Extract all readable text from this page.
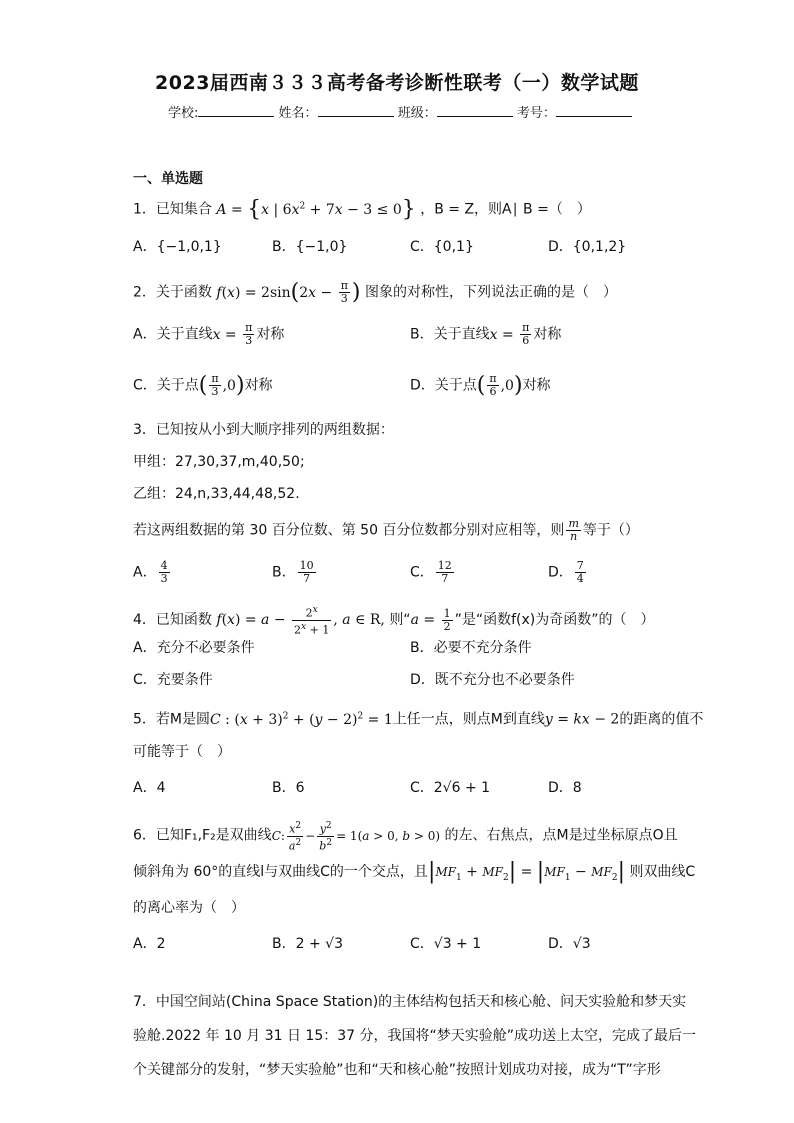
2023届西南３３３高考备考诊断性联考（一）数学试题
学校:	姓名：	班级：	考号：
一、单选题
1．已知集合 A = {x | $6x^2 + 7x - 3 \le 0$} ，B = Z，则A∣ B =（　）
A．{−1,0,1}	B．{−1,0}	C．{0,1}	D．{0,1,2}
2．关于函数 $f(x) = 2\sin(2x - \frac{\pi}{3}$ ) 图象的对称性，下列说法正确的是（　）
A．关于直线$x = \frac{\pi}{3}$ 对称	B．关于直线$x = \frac{\pi}{6}$ 对称
C．关于点( $\frac{\pi}{3} ,0$)对称	D．关于点( $\frac{\pi}{6} ,0$)对称
3．已知按从小到大顺序排列的两组数据：
甲组：27,30,37,m,40,50;
乙组：24,n,33,44,48,52.
若这两组数据的第 30 百分位数、第 50 百分位数都分别对应相等，则 $\frac{m}{n}$ 等于（）
A． $\frac{4}{3}$	B． $\frac{10}{7}$	C． $\frac{12}{7}$	D． $\frac{7}{4}$
4．已知函数 $f(x) = a - \frac{2^x}{2^x + 1}$ , a ∈ R, 则“$a = \frac{1}{2}$ ”是“函数f(x)为奇函数”的（　）
A．充分不必要条件	B．必要不充分条件
C．充要条件	D．既不充分也不必要条件
5．若M是圆C : $(x + 3)^2 + (y - 2)^2 = 1$上任一点，则点M到直线y = kx − 2的距离的值不
可能等于（　）
A．4	B．6	C．2√6 + 1	D．8
6．已知F₁,F₂是双曲线C: $\frac{x^2}{a^2} - \frac{y^2}{b^2} = 1(a > 0$, b > 0) 的左、右焦点，点M是过坐标原点O且
倾斜角为 60°的直线l与双曲线C的一个交点，且$|MF_1 + MF_2| = |MF_1 - MF_2|$ 则双曲线C
的离心率为（　）
A．2	B．2 + √3	C．√3 + 1	D．√3
7．中国空间站(China Space Station)的主体结构包括天和核心舱、问天实验舱和梦天实
验舱.2022 年 10 月 31 日 15：37 分，我国将“梦天实验舱”成功送上太空，完成了最后一
个关键部分的发射，“梦天实验舱”也和“天和核心舱”按照计划成功对接，成为“T”字形
